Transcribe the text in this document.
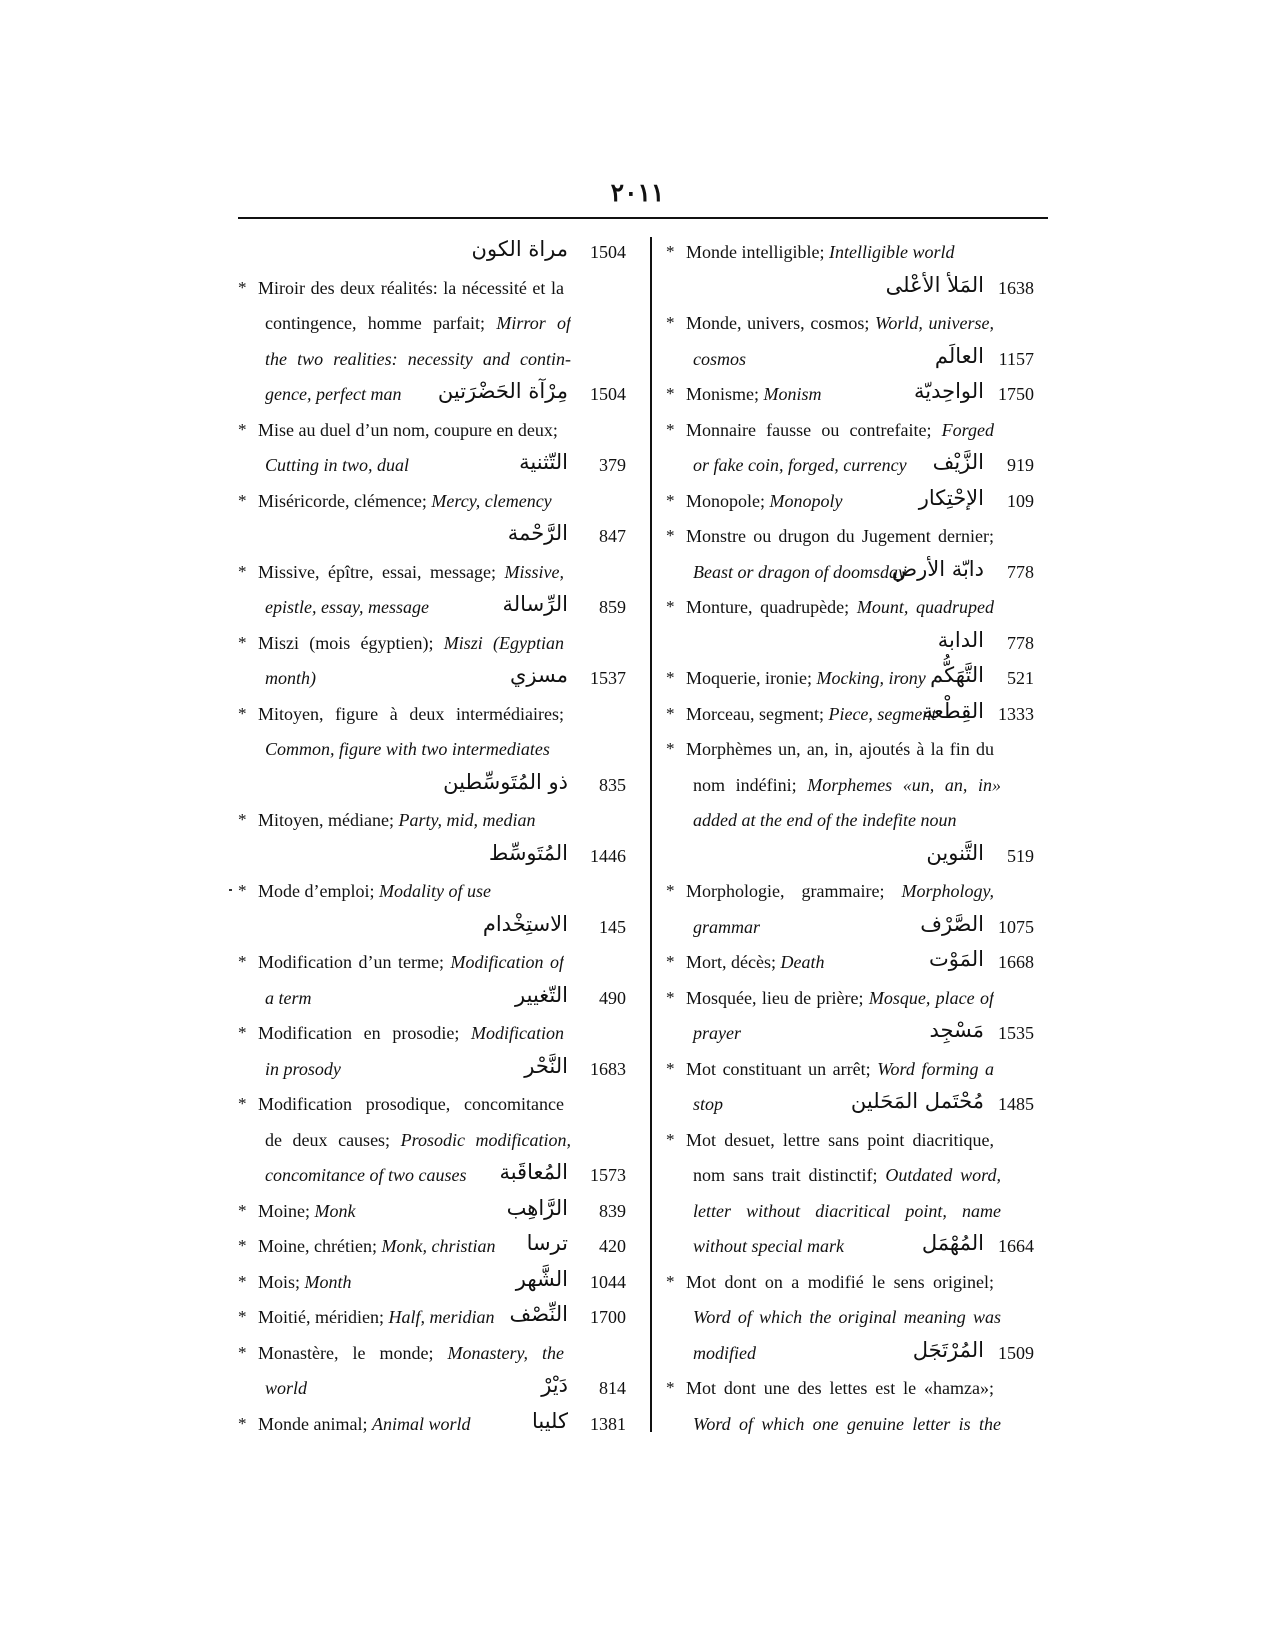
٢٠١١
مراة الكون 1504
* Miroir des deux réalités: la nécessité et la
contingence, homme parfait; Mirror of
the two realities: necessity and contin-
gence, perfect man مِرْآة الحَضْرَتين 1504
* Mise au duel d’un nom, coupure en deux;
Cutting in two, dual	التّثنية 379
* Miséricorde, clémence; Mercy, clemency
الرَّحْمة 847
* Missive, épître, essai, message; Missive,
epistle, essay, message	الرِّسالة 859
* Miszi (mois égyptien); Miszi (Egyptian
month)	مسزي 1537
* Mitoyen, figure à deux intermédiaires;
Common, figure with two intermediates
ذو المُتَوسِّطين 835
* Mitoyen, médiane; Party, mid, median
المُتَوسِّط 1446
* Mode d’emploi; Modality of use
الاستِخْدام 145
* Modification d’un terme; Modification of
a term	التّغيير 490
* Modification en prosodie; Modification
in prosody	النَّحْر 1683
* Modification prosodique, concomitance
de deux causes; Prosodic modification,
concomitance of two causes المُعاقَبة 1573
* Moine; Monk	الرَّاهِب 839
* Moine, chrétien; Monk, christian ترسا 420
* Mois; Month	الشَّهر 1044
* Moitié, méridien; Half, meridian النِّصْف 1700
* Monastère, le monde; Monastery, the
world	دَيْرْ 814
* Monde animal; Animal world	كليبا 1381
* Monde intelligible; Intelligible world
المَلأ الأعْلى 1638
* Monde, univers, cosmos; World, universe,
cosmos	العالَم 1157
* Monisme; Monism	الواحِديّة 1750
* Monnaire fausse ou contrefaite; Forged
or fake coin, forged, currency الزَّيْف 919
* Monopole; Monopoly	الإحْتِكار 109
* Monstre ou drugon du Jugement dernier;
Beast or dragon of doomsday
دابّة الأرض 778
* Monture, quadrupède; Mount, quadruped
الدابة 778
* Moquerie, ironie; Mocking, irony التَّهَكُّم 521
* Morceau, segment; Piece, segment
القِطْعة 1333
* Morphèmes un, an, in, ajoutés à la fin du
nom indéfini; Morphemes «un, an, in»
added at the end of the indefite noun
التَّنوين 519
* Morphologie, grammaire; Morphology,
grammar	الصَّرْف 1075
* Mort, décès; Death	المَوْت 1668
* Mosquée, lieu de prière; Mosque, place of
prayer	مَسْجِد 1535
* Mot constituant un arrêt; Word forming a
stop	مُحْتَمل المَحَلين 1485
* Mot desuet, lettre sans point diacritique,
nom sans trait distinctif; Outdated word,
letter without diacritical point, name
without special mark	المُهْمَل 1664
* Mot dont on a modifié le sens originel;
Word of which the original meaning was
modified	المُرْتَجَل 1509
* Mot dont une des lettes est le «hamza»;
Word of which one genuine letter is the
